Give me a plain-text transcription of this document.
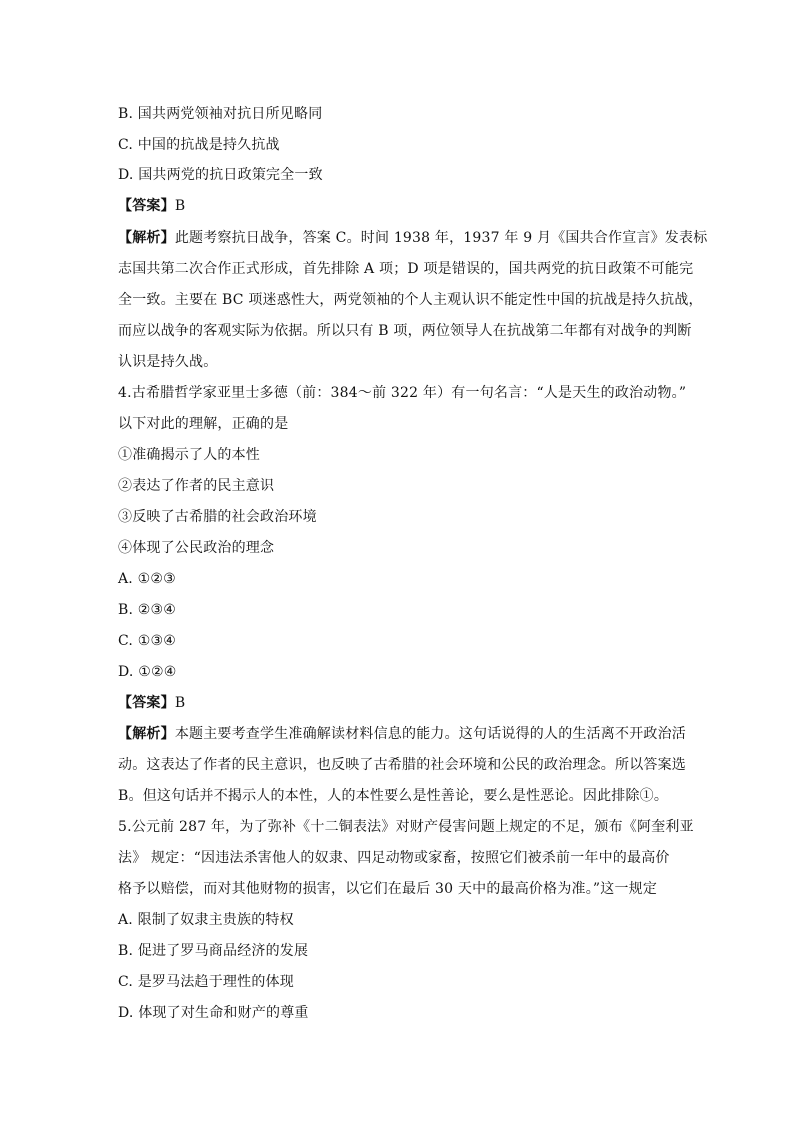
B. 国共两党领袖对抗日所见略同
C. 中国的抗战是持久抗战
D. 国共两党的抗日政策完全一致
【答案】B
【解析】此题考察抗日战争，答案 C。时间 1938 年，1937 年 9 月《国共合作宣言》发表标
志国共第二次合作正式形成，首先排除 A 项；D 项是错误的，国共两党的抗日政策不可能完
全一致。主要在 BC 项迷惑性大，两党领袖的个人主观认识不能定性中国的抗战是持久抗战，
而应以战争的客观实际为依据。所以只有 B 项，两位领导人在抗战第二年都有对战争的判断
认识是持久战。
4.古希腊哲学家亚里士多德（前：384～前 322 年）有一句名言：“人是天生的政治动物。”
以下对此的理解，正确的是
①准确揭示了人的本性
②表达了作者的民主意识
③反映了古希腊的社会政治环境
④体现了公民政治的理念
A. ①②③
B. ②③④
C. ①③④
D. ①②④
【答案】B
【解析】本题主要考查学生准确解读材料信息的能力。这句话说得的人的生活离不开政治活
动。这表达了作者的民主意识，也反映了古希腊的社会环境和公民的政治理念。所以答案选
B。但这句话并不揭示人的本性，人的本性要么是性善论，要么是性恶论。因此排除①。
5.公元前 287 年，为了弥补《十二铜表法》对财产侵害问题上规定的不足，颁布《阿奎利亚
法》 规定：“因违法杀害他人的奴隶、四足动物或家畜，按照它们被杀前一年中的最高价
格予以赔偿，而对其他财物的损害，以它们在最后 30 天中的最高价格为准。”这一规定
A. 限制了奴隶主贵族的特权
B. 促进了罗马商品经济的发展
C. 是罗马法趋于理性的体现
D. 体现了对生命和财产的尊重
